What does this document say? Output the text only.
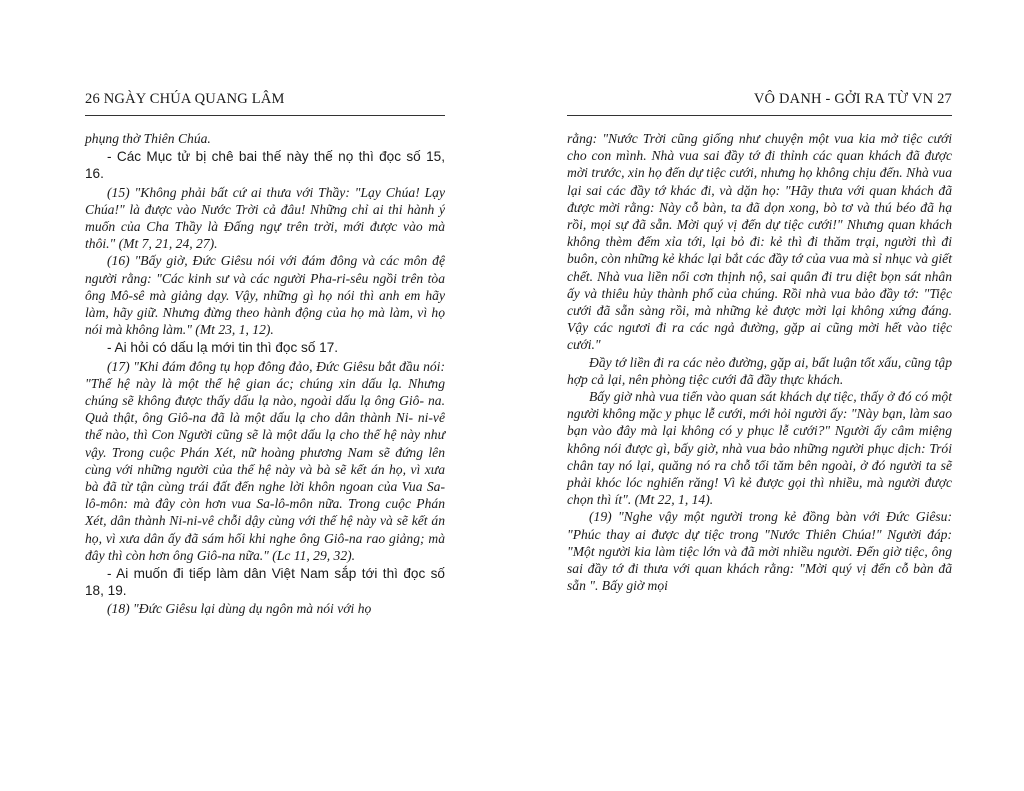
26 NGÀY CHÚA QUANG LÂM

phụng thờ Thiên Chúa.

- Các Mục tử bị chê bai thế này thế nọ thì đọc số 15, 16.

(15) "Không phải bất cứ ai thưa với Thầy: "Lạy Chúa! Lạy Chúa!" là được vào Nước Trời cả đâu! Những chỉ ai thi hành ý muốn của Cha Thầy là Đấng ngự trên trời, mới được vào mà thôi." (Mt 7, 21, 24, 27).

(16) "Bấy giờ, Đức Giêsu nói với đám đông và các môn đệ người rằng: "Các kinh sư và các người Pha-ri-sêu ngồi trên tòa ông Mô-sê mà giảng dạy. Vậy, những gì họ nói thì anh em hãy làm, hãy giữ. Nhưng đừng theo hành động của họ mà làm, vì họ nói mà không làm." (Mt 23, 1, 12).

- Ai hỏi có dấu lạ mới tin thì đọc số 17.

(17) "Khi đám đông tụ họp đông đảo, Đức Giêsu bắt đầu nói: "Thế hệ này là một thế hệ gian ác; chúng xin dấu lạ. Nhưng chúng sẽ không được thấy dấu lạ nào, ngoài dấu lạ ông Giô- na. Quả thật, ông Giô-na đã là một dấu lạ cho dân thành Ni- ni-vê thế nào, thì Con Người cũng sẽ là một dấu lạ cho thế hệ này như vậy. Trong cuộc Phán Xét, nữ hoàng phương Nam sẽ đứng lên cùng với những người của thế hệ này và bà sẽ kết án họ, vì xưa bà đã từ tận cùng trái đất đến nghe lời khôn ngoan của Vua Sa-lô-môn: mà đây còn hơn vua Sa-lô-môn nữa. Trong cuộc Phán Xét, dân thành Ni-ni-vê chỗi dậy cùng với thế hệ này và sẽ kết án họ, vì xưa dân ấy đã sám hối khi nghe ông Giô-na rao giảng; mà đây thì còn hơn ông Giô-na nữa." (Lc 11, 29, 32).

- Ai muốn đi tiếp làm dân Việt Nam sắp tới thì đọc số 18, 19.

(18) "Đức Giêsu lại dùng dụ ngôn mà nói với họ

VÔ DANH - GỞI RA TỪ VN 27

rằng: "Nước Trời cũng giống như chuyện một vua kia mở tiệc cưới cho con mình. Nhà vua sai đầy tớ đi thỉnh các quan khách đã được mời trước, xin họ đến dự tiệc cưới, nhưng họ không chịu đến. Nhà vua lại sai các đầy tớ khác đi, và dặn họ: "Hãy thưa với quan khách đã được mời rằng: Này cỗ bàn, ta đã dọn xong, bò tơ và thú béo đã hạ rồi, mọi sự đã sẵn. Mời quý vị đến dự tiệc cưới!" Nhưng quan khách không thèm đếm xỉa tới, lại bỏ đi: kẻ thì đi thăm trại, người thì đi buôn, còn những kẻ khác lại bắt các đầy tớ của vua mà sỉ nhục và giết chết. Nhà vua liền nổi cơn thịnh nộ, sai quân đi tru diệt bọn sát nhân ấy và thiêu hủy thành phố của chúng. Rồi nhà vua bảo đầy tớ: "Tiệc cưới đã sẵn sàng rồi, mà những kẻ được mời lại không xứng đáng. Vậy các ngươi đi ra các ngả đường, gặp ai cũng mời hết vào tiệc cưới."

Đầy tớ liền đi ra các nẻo đường, gặp ai, bất luận tốt xấu, cũng tập hợp cả lại, nên phòng tiệc cưới đã đầy thực khách.

Bấy giờ nhà vua tiến vào quan sát khách dự tiệc, thấy ở đó có một người không mặc y phục lễ cưới, mới hỏi người ấy: "Này bạn, làm sao bạn vào đây mà lại không có y phục lễ cưới?" Người ấy câm miệng không nói được gì, bấy giờ, nhà vua bảo những người phục dịch: Trói chân tay nó lại, quăng nó ra chỗ tối tăm bên ngoài, ở đó người ta sẽ phải khóc lóc nghiến răng! Vì kẻ được gọi thì nhiều, mà người được chọn thì ít". (Mt 22, 1, 14).

(19) "Nghe vậy một người trong kẻ đồng bàn với Đức Giêsu: "Phúc thay ai được dự tiệc trong "Nước Thiên Chúa!" Người đáp: "Một người kia làm tiệc lớn và đã mời nhiều người. Đến giờ tiệc, ông sai đầy tớ đi thưa với quan khách rằng: "Mời quý vị đến cỗ bàn đã sẵn ". Bấy giờ mọi
